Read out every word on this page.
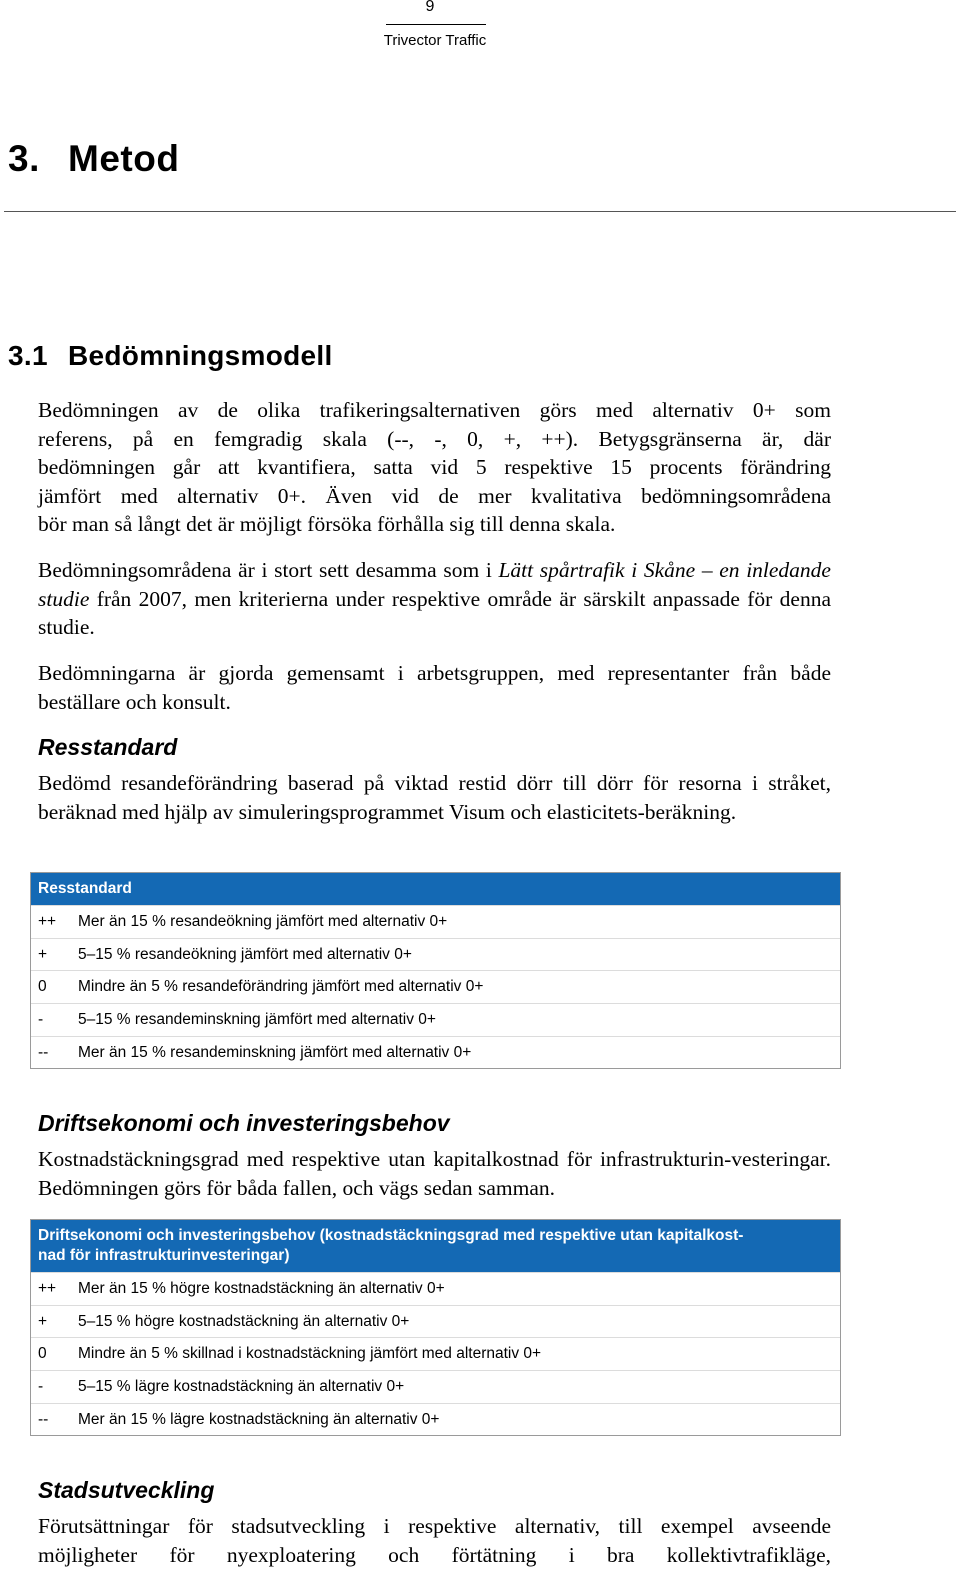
9
Trivector Traffic
3. Metod
3.1 Bedömningsmodell
Bedömningen av de olika trafikeringsalternativen görs med alternativ 0+ som
referens, på en femgradig skala (--, -, 0, +, ++). Betygsgränserna är, där
bedömningen går att kvantifiera, satta vid 5 respektive 15 procents förändring
jämfört med alternativ 0+. Även vid de mer kvalitativa bedömningsområdena
bör man så långt det är möjligt försöka förhålla sig till denna skala.

Bedömningsområdena är i stort sett desamma som i Lätt spårtrafik i Skåne – en inledande studie från 2007, men kriterierna under respektive område är särskilt anpassade för denna studie.

Bedömningarna är gjorda gemensamt i arbetsgruppen, med representanter från både beställare och konsult.

Resstandard

Bedömd resandeförändring baserad på viktad restid dörr till dörr för resorna i stråket, beräknad med hjälp av simuleringsprogrammet Visum och elasticitets-beräkning.

Resstandard
++	Mer än 15 % resandeökning jämfört med alternativ 0+
+	5–15 % resandeökning jämfört med alternativ 0+
0	Mindre än 5 % resandeförändring jämfört med alternativ 0+
-	5–15 % resandeminskning jämfört med alternativ 0+
--	Mer än 15 % resandeminskning jämfört med alternativ 0+
Driftsekonomi och investeringsbehov

Kostnadstäckningsgrad med respektive utan kapitalkostnad för infrastrukturin-vesteringar. Bedömningen görs för båda fallen, och vägs sedan samman.

Driftsekonomi och investeringsbehov (kostnadstäckningsgrad med respektive utan kapitalkost-
nad för infrastrukturinvesteringar)
++	Mer än 15 % högre kostnadstäckning än alternativ 0+
+	5–15 % högre kostnadstäckning än alternativ 0+
0	Mindre än 5 % skillnad i kostnadstäckning jämfört med alternativ 0+
-	5–15 % lägre kostnadstäckning än alternativ 0+
--	Mer än 15 % lägre kostnadstäckning än alternativ 0+
Stadsutveckling
Förutsättningar för stadsutveckling i respektive alternativ, till exempel avseende
möjligheter för nyexploatering och förtätning i bra kollektivtrafikläge,
